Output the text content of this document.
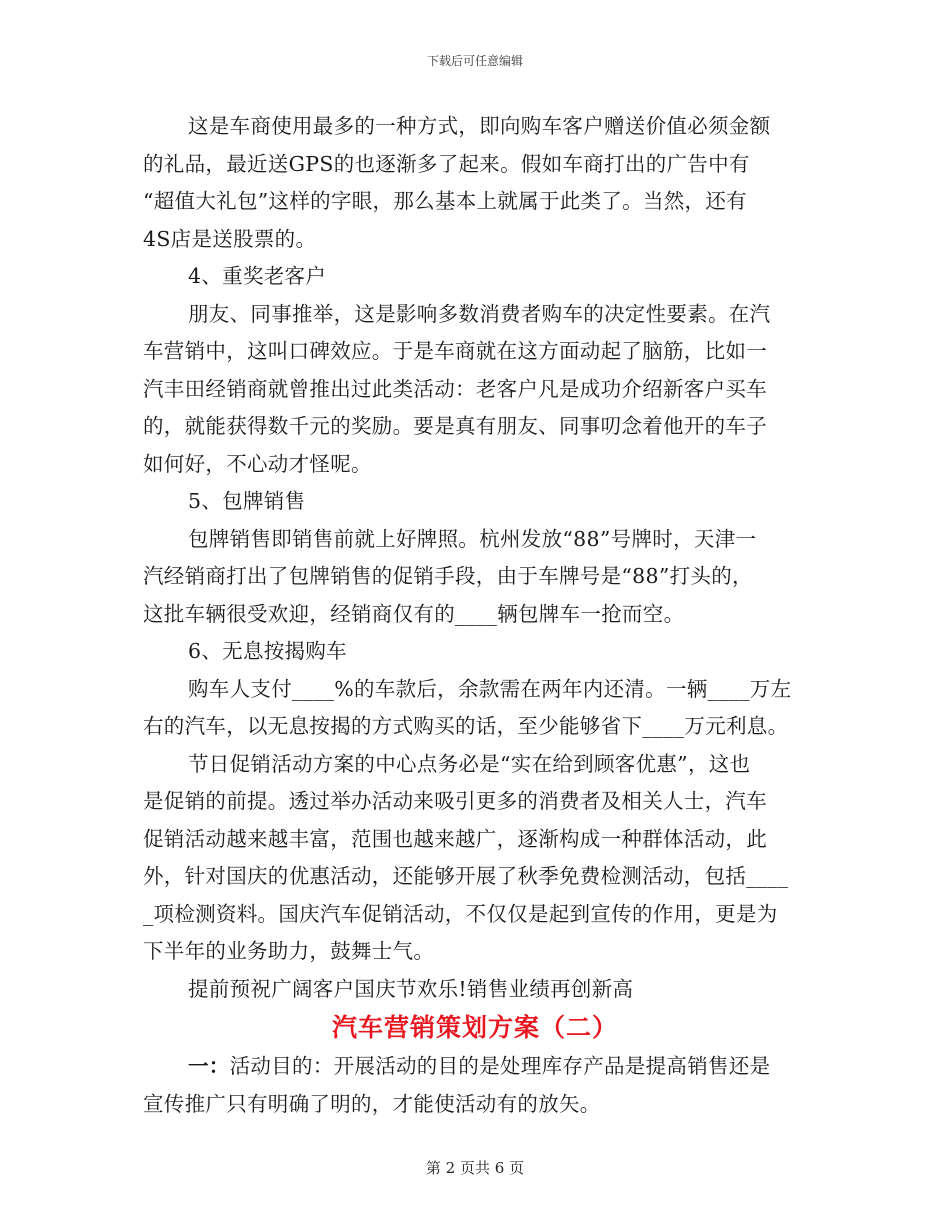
下载后可任意编辑
这是车商使用最多的一种方式，即向购车客户赠送价值必须金额
的礼品，最近送GPS的也逐渐多了起来。假如车商打出的广告中有
“超值大礼包”这样的字眼，那么基本上就属于此类了。当然，还有
4S店是送股票的。
4、重奖老客户
朋友、同事推举，这是影响多数消费者购车的决定性要素。在汽
车营销中，这叫口碑效应。于是车商就在这方面动起了脑筋，比如一
汽丰田经销商就曾推出过此类活动：老客户凡是成功介绍新客户买车
的，就能获得数千元的奖励。要是真有朋友、同事叨念着他开的车子
如何好，不心动才怪呢。
5、包牌销售
包牌销售即销售前就上好牌照。杭州发放“88”号牌时，天津一
汽经销商打出了包牌销售的促销手段，由于车牌号是“88”打头的，
这批车辆很受欢迎，经销商仅有的____辆包牌车一抢而空。
6、无息按揭购车
购车人支付____%的车款后，余款需在两年内还清。一辆____万左
右的汽车，以无息按揭的方式购买的话，至少能够省下____万元利息。
节日促销活动方案的中心点务必是“实在给到顾客优惠”，这也
是促销的前提。透过举办活动来吸引更多的消费者及相关人士，汽车
促销活动越来越丰富，范围也越来越广，逐渐构成一种群体活动，此
外，针对国庆的优惠活动，还能够开展了秋季免费检测活动，包括____
_项检测资料。国庆汽车促销活动，不仅仅是起到宣传的作用，更是为
下半年的业务助力，鼓舞士气。
提前预祝广阔客户国庆节欢乐!销售业绩再创新高
汽车营销策划方案（二）
一：活动目的：开展活动的目的是处理库存产品是提高销售还是
宣传推广只有明确了明的，才能使活动有的放矢。
第 2 页共 6 页
